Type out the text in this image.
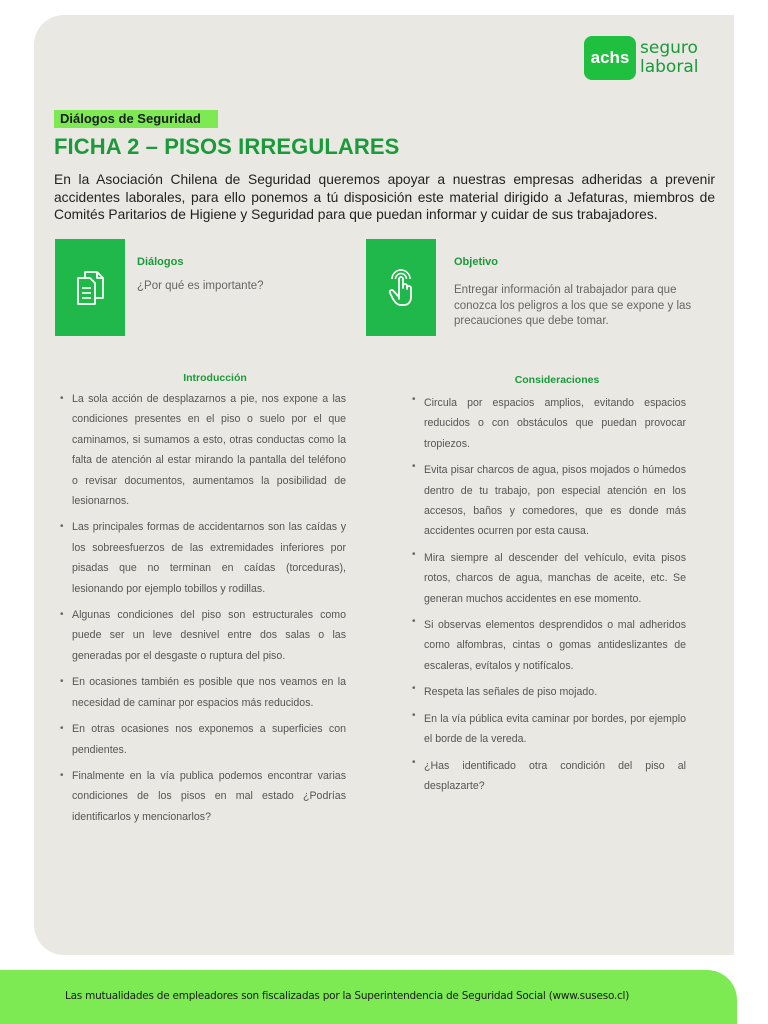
achs seguro
laboral
Diálogos de Seguridad
FICHA 2 – PISOS IRREGULARES
En la Asociación Chilena de Seguridad queremos apoyar a nuestras empresas adheridas a prevenir accidentes laborales, para ello ponemos a tú disposición este material dirigido a Jefaturas, miembros de Comités Paritarios de Higiene y Seguridad para que puedan informar y cuidar de sus trabajadores.
Diálogos
¿Por qué es importante?
Objetivo
Entregar información al trabajador para que conozca los peligros a los que se expone y las precauciones que debe tomar.
Introducción
• La sola acción de desplazarnos a pie, nos expone a las condiciones presentes en el piso o suelo por el que caminamos, si sumamos a esto, otras conductas como la falta de atención al estar mirando la pantalla del teléfono o revisar documentos, aumentamos la posibilidad de lesionarnos.
• Las principales formas de accidentarnos son las caídas y los sobreesfuerzos de las extremidades inferiores por pisadas que no terminan en caídas (torceduras), lesionando por ejemplo tobillos y rodillas.
• Algunas condiciones del piso son estructurales como puede ser un leve desnivel entre dos salas o las generadas por el desgaste o ruptura del piso.
• En ocasiones también es posible que nos veamos en la necesidad de caminar por espacios más reducidos.
• En otras ocasiones nos exponemos a superficies con pendientes.
• Finalmente en la vía publica podemos encontrar varias condiciones de los pisos en mal estado ¿Podrías identificarlos y mencionarlos?
Consideraciones
• Circula por espacios amplios, evitando espacios reducidos o con obstáculos que puedan provocar tropiezos.
• Evita pisar charcos de agua, pisos mojados o húmedos dentro de tu trabajo, pon especial atención en los accesos, baños y comedores, que es donde más accidentes ocurren por esta causa.
• Mira siempre al descender del vehículo, evita pisos rotos, charcos de agua, manchas de aceite, etc. Se generan muchos accidentes en ese momento.
• Si observas elementos desprendidos o mal adheridos como alfombras, cintas o gomas antideslizantes de escaleras, evítalos y notifícalos.
• Respeta las señales de piso mojado.
• En la vía pública evita caminar por bordes, por ejemplo el borde de la vereda.
• ¿Has identificado otra condición del piso al desplazarte?
Las mutualidades de empleadores son fiscalizadas por la Superintendencia de Seguridad Social (www.suseso.cl)
